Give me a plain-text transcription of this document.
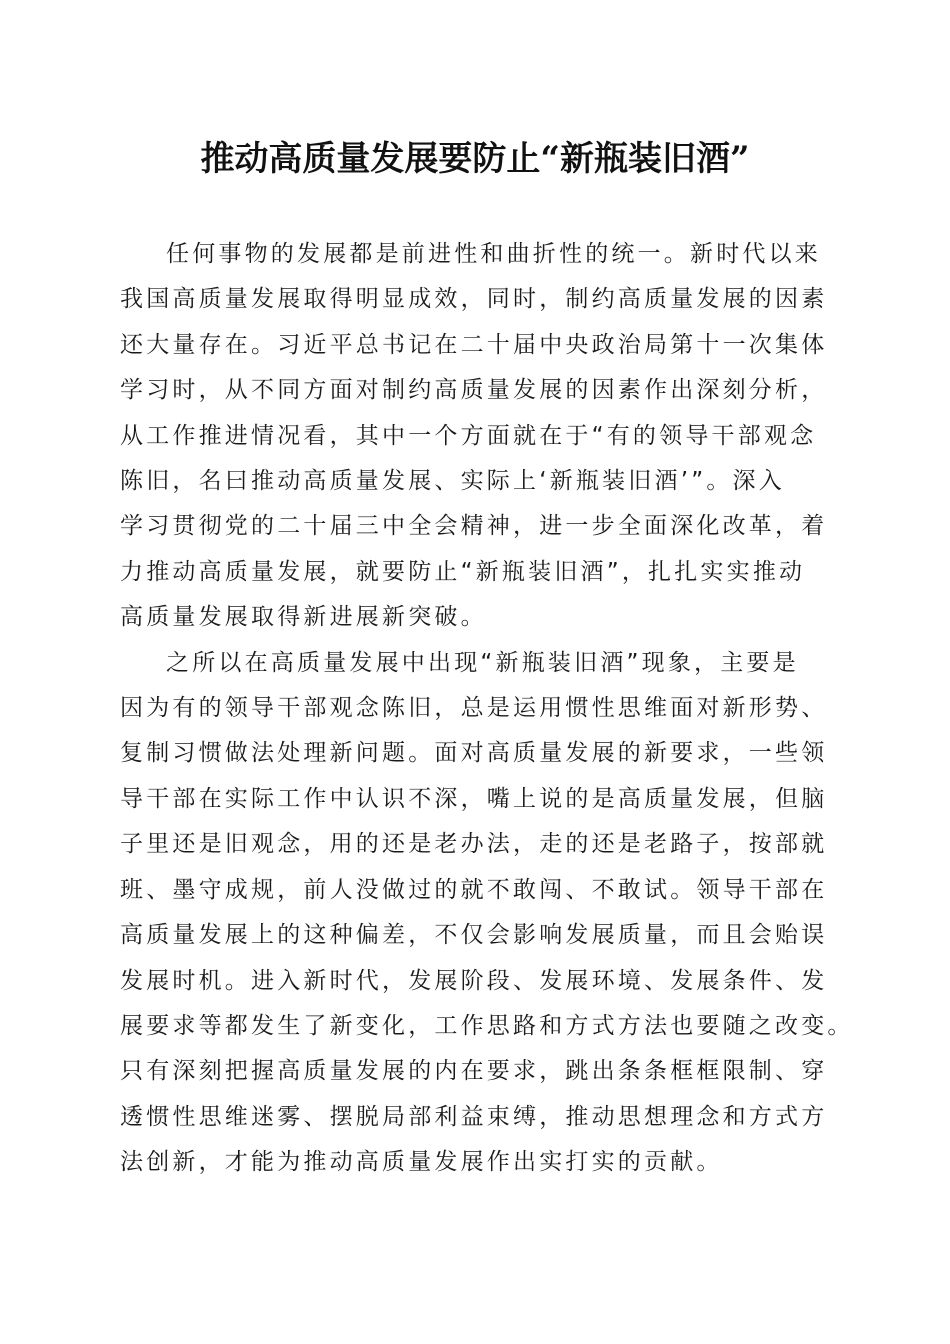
推动高质量发展要防止“新瓶装旧酒”

任何事物的发展都是前进性和曲折性的统一。新时代以来
我国高质量发展取得明显成效，同时，制约高质量发展的因素
还大量存在。习近平总书记在二十届中央政治局第十一次集体
学习时，从不同方面对制约高质量发展的因素作出深刻分析，
从工作推进情况看，其中一个方面就在于“有的领导干部观念
陈旧，名曰推动高质量发展、实际上‘新瓶装旧酒’”。深入
学习贯彻党的二十届三中全会精神，进一步全面深化改革，着
力推动高质量发展，就要防止“新瓶装旧酒”，扎扎实实推动
高质量发展取得新进展新突破。

之所以在高质量发展中出现“新瓶装旧酒”现象，主要是
因为有的领导干部观念陈旧，总是运用惯性思维面对新形势、
复制习惯做法处理新问题。面对高质量发展的新要求，一些领
导干部在实际工作中认识不深，嘴上说的是高质量发展，但脑
子里还是旧观念，用的还是老办法，走的还是老路子，按部就
班、墨守成规，前人没做过的就不敢闯、不敢试。领导干部在
高质量发展上的这种偏差，不仅会影响发展质量，而且会贻误
发展时机。进入新时代，发展阶段、发展环境、发展条件、发
展要求等都发生了新变化，工作思路和方式方法也要随之改变。
只有深刻把握高质量发展的内在要求，跳出条条框框限制、穿
透惯性思维迷雾、摆脱局部利益束缚，推动思想理念和方式方
法创新，才能为推动高质量发展作出实打实的贡献。
